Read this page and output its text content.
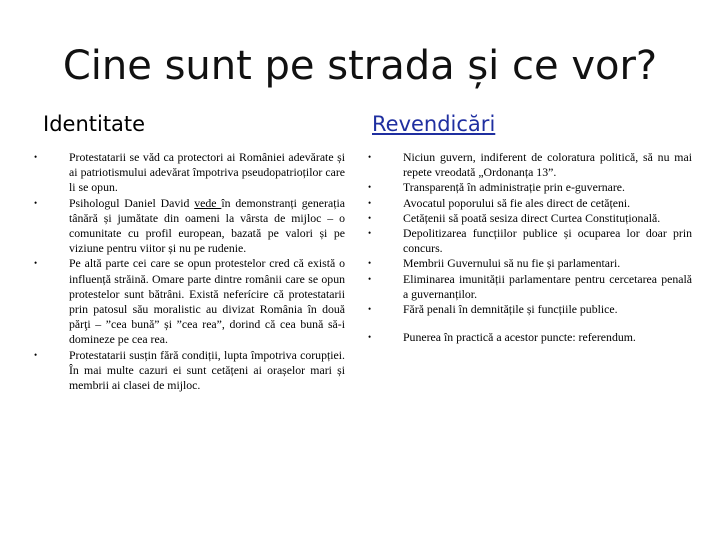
Cine sunt pe strada și ce vor?
Identitate	Revendicări
• Protestatarii se văd ca protectori ai României adevărate și ai patriotismului adevărat împotriva pseudopatrioților care li se opun.
• Psihologul Daniel David vede în demonstranți generația tânără și jumătate din oameni la vârsta de mijloc – o comunitate cu profil european, bazată pe valori și pe viziune pentru viitor și nu pe rudenie.
• Pe altă parte cei care se opun protestelor cred că există o influență străină. Omare parte dintre românii care se opun protestelor sunt bătrâni. Există neferícire că protestatarii prin patosul său moralistic au divizat România în două părţi – ”cea bună” și ”cea rea”, dorind că cea bună să-i domineze pe cea rea.
• Protestatarii susțin fără condiții, lupta împotriva corupției. În mai multe cazuri ei sunt cetățeni ai orașelor mari și membrii ai clasei de mijloc.
• Niciun guvern, indiferent de coloratura politică, să nu mai repete vreodată „Ordonanța 13”.
• Transparență în administrație prin e-guvernare.
• Avocatul poporului să fie ales direct de cetățeni.
• Cetățenii să poată sesiza direct Curtea Constituțională.
• Depolitizarea funcțiilor publice și ocuparea lor doar prin concurs.
• Membrii Guvernului să nu fie și parlamentari.
• Eliminarea imunității parlamentare pentru cercetarea penală a guvernanților.
• Fără penali în demnitățile și funcțiile publice.
• Punerea în practică a acestor puncte: referendum.
